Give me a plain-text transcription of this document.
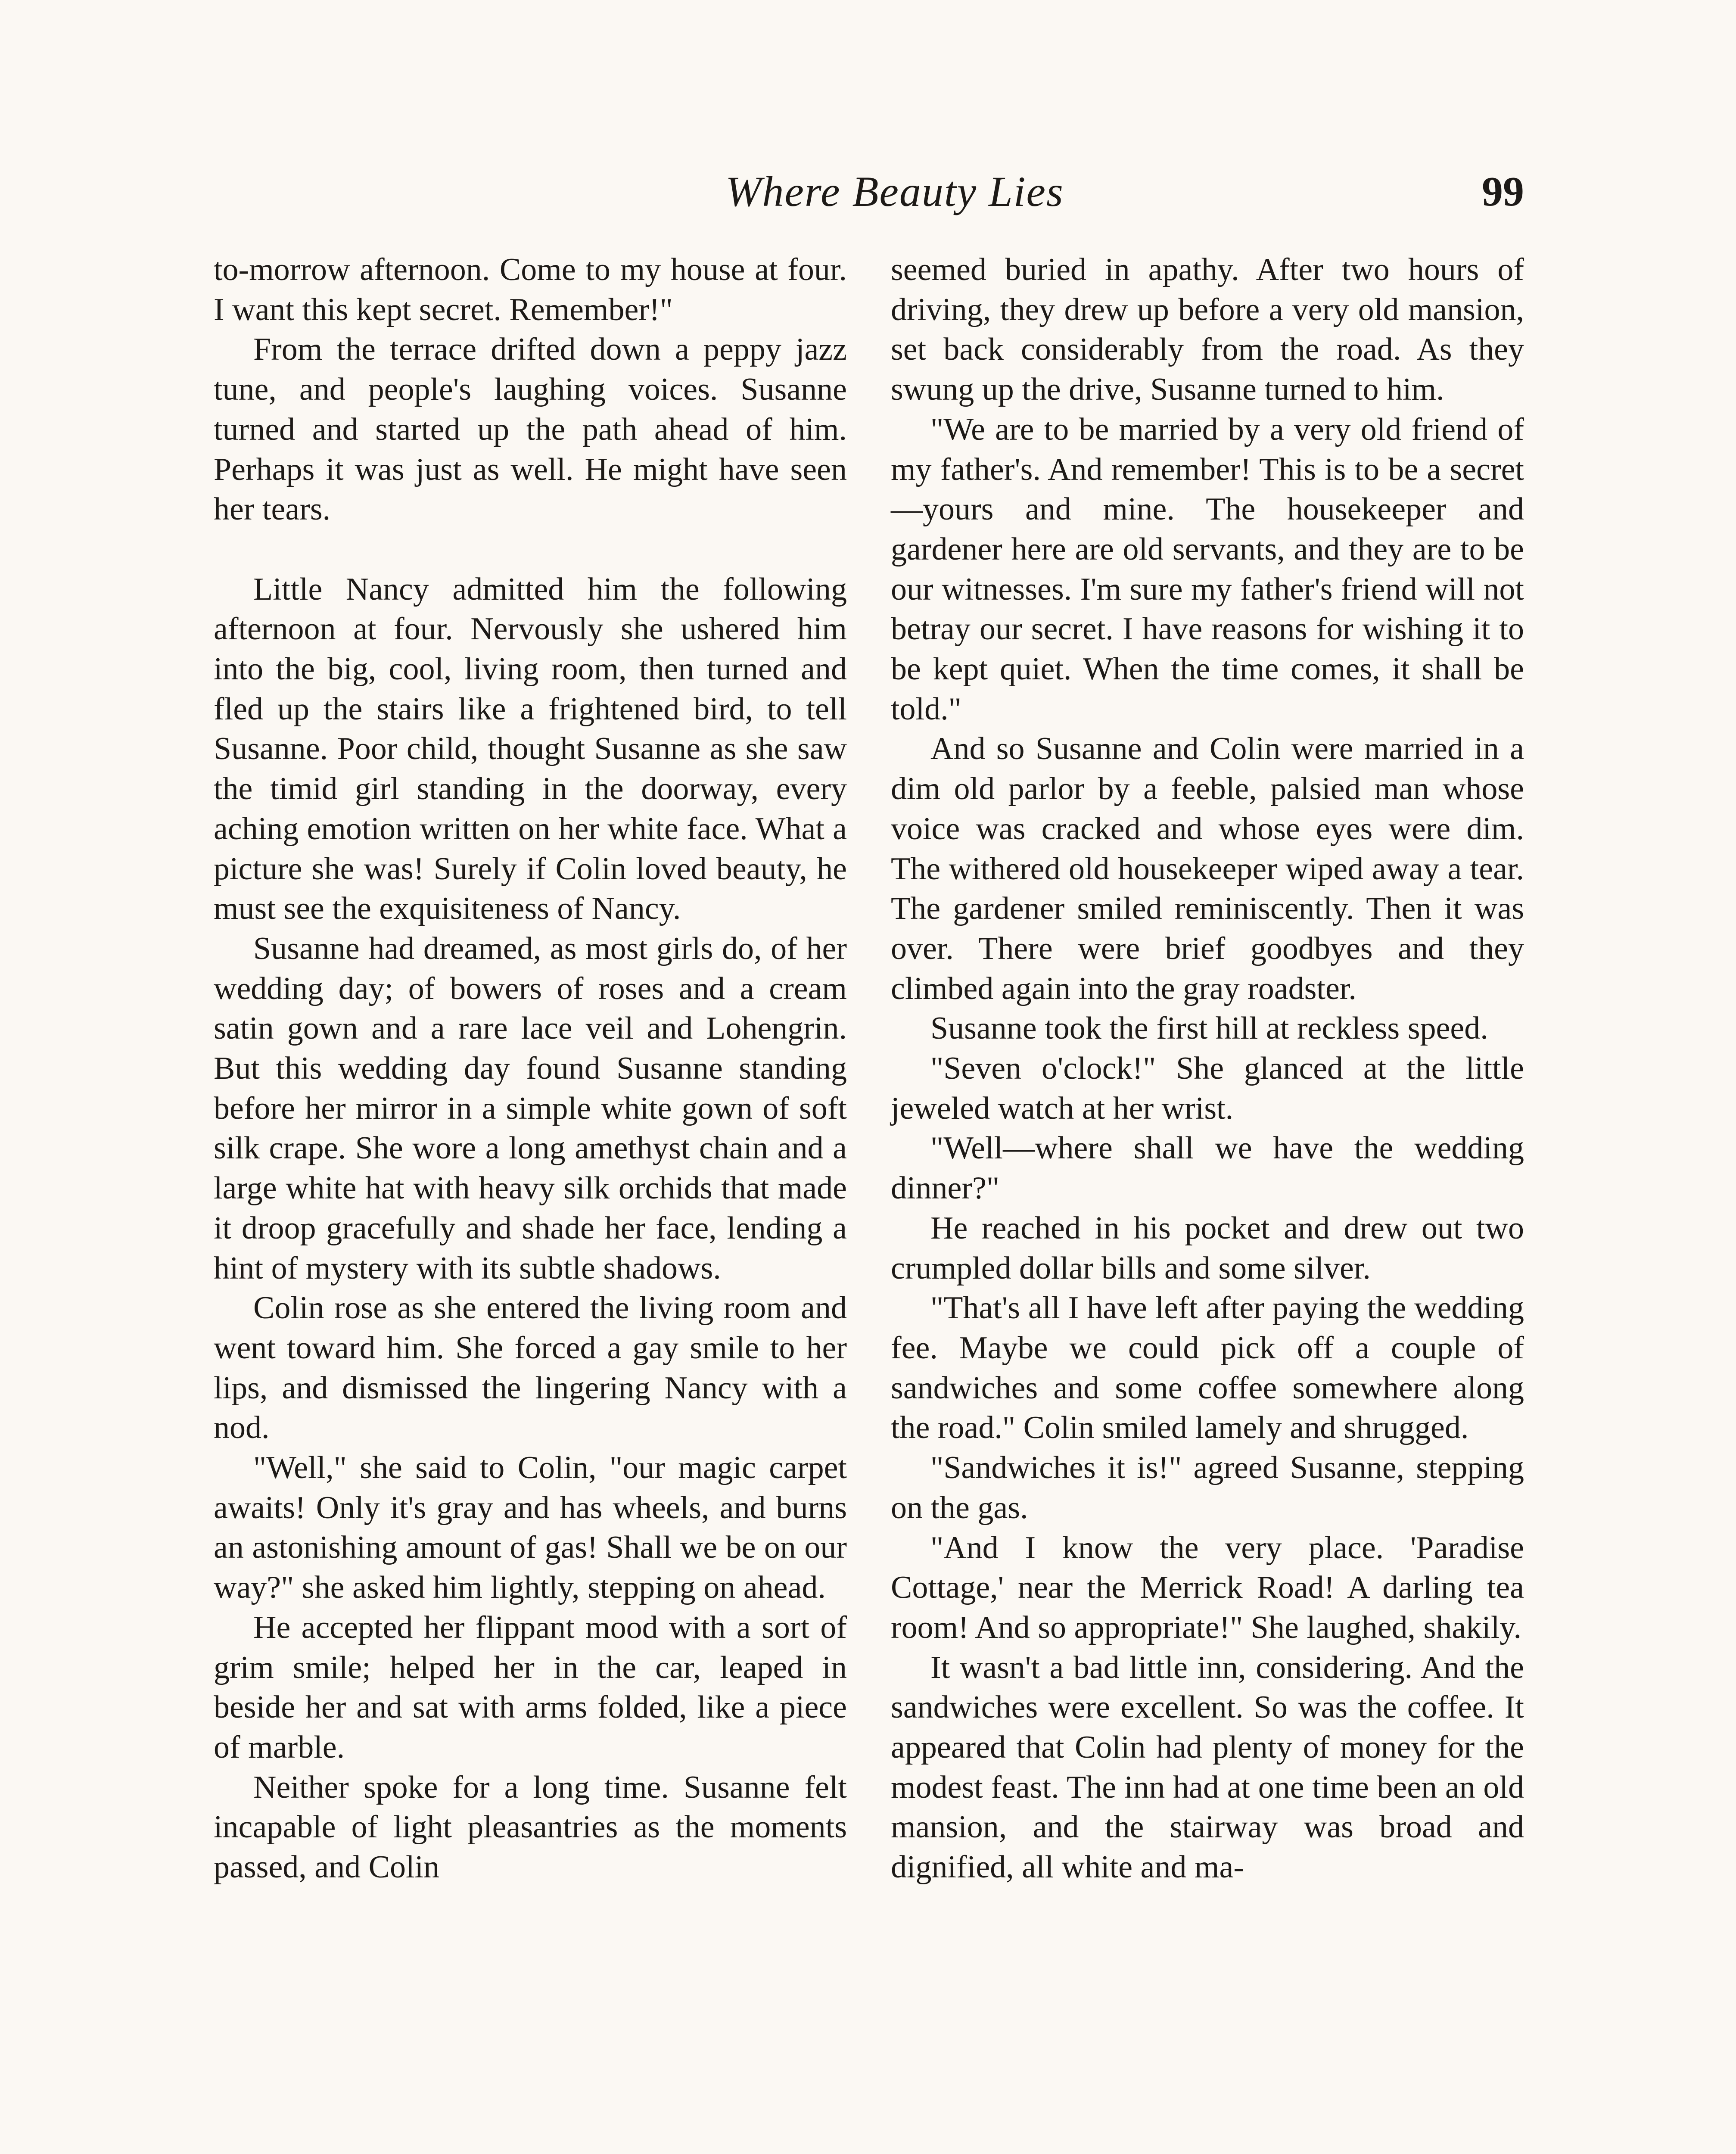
Where Beauty Lies	99

to-morrow afternoon. Come to my house at four. I want this kept secret. Remember!"

From the terrace drifted down a peppy jazz tune, and people's laughing voices. Susanne turned and started up the path ahead of him. Perhaps it was just as well. He might have seen her tears.

Little Nancy admitted him the following afternoon at four. Nervously she ushered him into the big, cool, living room, then turned and fled up the stairs like a frightened bird, to tell Susanne. Poor child, thought Susanne as she saw the timid girl standing in the doorway, every aching emotion written on her white face. What a picture she was! Surely if Colin loved beauty, he must see the exquisiteness of Nancy.

Susanne had dreamed, as most girls do, of her wedding day; of bowers of roses and a cream satin gown and a rare lace veil and Lohengrin. But this wedding day found Susanne standing before her mirror in a simple white gown of soft silk crape. She wore a long amethyst chain and a large white hat with heavy silk orchids that made it droop gracefully and shade her face, lending a hint of mystery with its subtle shadows.

Colin rose as she entered the living room and went toward him. She forced a gay smile to her lips, and dismissed the lingering Nancy with a nod.

"Well," she said to Colin, "our magic carpet awaits! Only it's gray and has wheels, and burns an astonishing amount of gas! Shall we be on our way?" she asked him lightly, stepping on ahead.

He accepted her flippant mood with a sort of grim smile; helped her in the car, leaped in beside her and sat with arms folded, like a piece of marble.

Neither spoke for a long time. Susanne felt incapable of light pleasantries as the moments passed, and Colin

seemed buried in apathy. After two hours of driving, they drew up before a very old mansion, set back considerably from the road. As they swung up the drive, Susanne turned to him.

"We are to be married by a very old friend of my father's. And remember! This is to be a secret—yours and mine. The housekeeper and gardener here are old servants, and they are to be our witnesses. I'm sure my father's friend will not betray our secret. I have reasons for wishing it to be kept quiet. When the time comes, it shall be told."

And so Susanne and Colin were married in a dim old parlor by a feeble, palsied man whose voice was cracked and whose eyes were dim. The withered old housekeeper wiped away a tear. The gardener smiled reminiscently. Then it was over. There were brief goodbyes and they climbed again into the gray roadster.

Susanne took the first hill at reckless speed.

"Seven o'clock!" She glanced at the little jeweled watch at her wrist.

"Well—where shall we have the wedding dinner?"

He reached in his pocket and drew out two crumpled dollar bills and some silver.

"That's all I have left after paying the wedding fee. Maybe we could pick off a couple of sandwiches and some coffee somewhere along the road." Colin smiled lamely and shrugged.

"Sandwiches it is!" agreed Susanne, stepping on the gas.

"And I know the very place. 'Paradise Cottage,' near the Merrick Road! A darling tea room! And so appropriate!" She laughed, shakily.

It wasn't a bad little inn, considering. And the sandwiches were excellent. So was the coffee. It appeared that Colin had plenty of money for the modest feast. The inn had at one time been an old mansion, and the stairway was broad and dignified, all white and ma-
